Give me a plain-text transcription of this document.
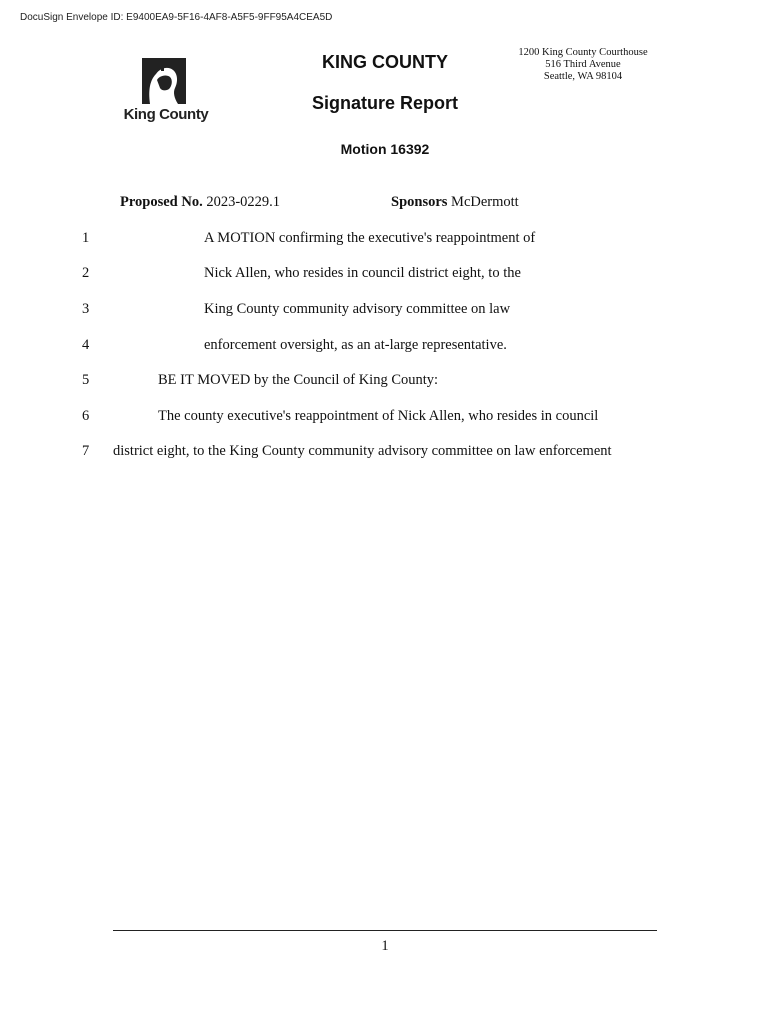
DocuSign Envelope ID: E9400EA9-5F16-4AF8-A5F5-9FF95A4CEA5D
King County
KING COUNTY
Signature Report
Motion 16392
1200 King County Courthouse
516 Third Avenue
Seattle, WA 98104
Proposed No. 2023-0229.1	Sponsors McDermott
1	A MOTION confirming the executive's reappointment of
2	Nick Allen, who resides in council district eight, to the
3	King County community advisory committee on law
4	enforcement oversight, as an at-large representative.
5	BE IT MOVED by the Council of King County:
6	The county executive's reappointment of Nick Allen, who resides in council
7 district eight, to the King County community advisory committee on law enforcement
1
